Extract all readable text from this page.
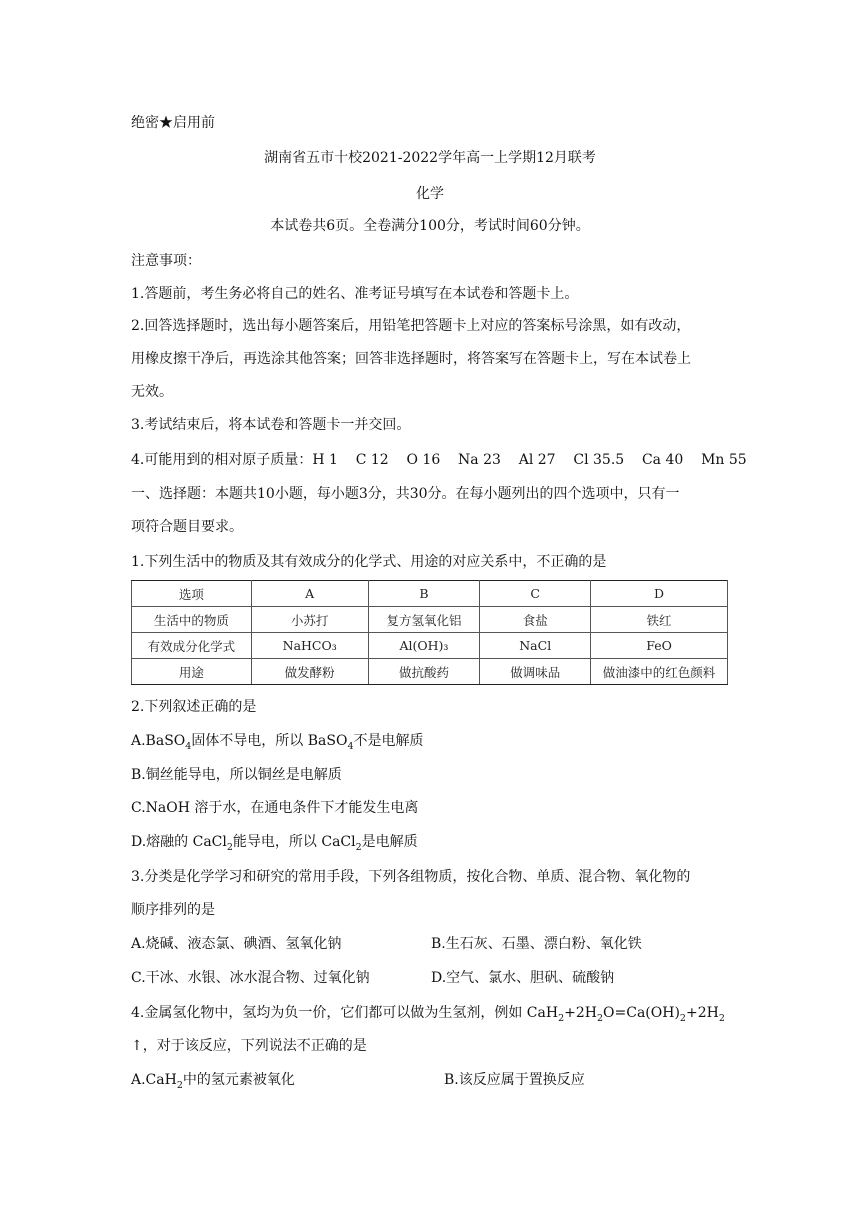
绝密★启用前
湖南省五市十校2021-2022学年高一上学期12月联考
化学
本试卷共6页。全卷满分100分，考试时间60分钟。
注意事项：
1.答题前，考生务必将自己的姓名、准考证号填写在本试卷和答题卡上。
2.回答选择题时，选出每小题答案后，用铅笔把答题卡上对应的答案标号涂黑，如有改动，
用橡皮擦干净后，再选涂其他答案；回答非选择题时，将答案写在答题卡上，写在本试卷上
无效。
3.考试结束后，将本试卷和答题卡一并交回。
4.可能用到的相对原子质量：H 1    C 12    O 16    Na 23    Al 27    Cl 35.5    Ca 40    Mn 55
一、选择题：本题共10小题，每小题3分，共30分。在每小题列出的四个选项中，只有一
项符合题目要求。
1.下列生活中的物质及其有效成分的化学式、用途的对应关系中，不正确的是
选项	A	B	C	D
生活中的物质	小苏打	复方氢氧化铝	食盐	铁红
有效成分化学式	NaHCO₃	Al(OH)₃	NaCl	FeO
用途	做发酵粉	做抗酸药	做调味品	做油漆中的红色颜料
2.下列叙述正确的是
A.BaSO$_4$固体不导电，所以 BaSO$_4$不是电解质
B.铜丝能导电，所以铜丝是电解质
C.NaOH 溶于水，在通电条件下才能发生电离
D.熔融的 CaCl$_2$能导电，所以 CaCl$_2$是电解质
3.分类是化学学习和研究的常用手段，下列各组物质，按化合物、单质、混合物、氧化物的
顺序排列的是
A.烧碱、液态氯、碘酒、氢氧化钠	B.生石灰、石墨、漂白粉、氧化铁
C.干冰、水银、冰水混合物、过氧化钠	D.空气、氯水、胆矾、硫酸钠
4.金属氢化物中，氢均为负一价，它们都可以做为生氢剂，例如 $CaH_2+2H_2O=Ca(OH)_2+2H_2$
↑，对于该反应，下列说法不正确的是
A.CaH$_2$中的氢元素被氧化	B.该反应属于置换反应
